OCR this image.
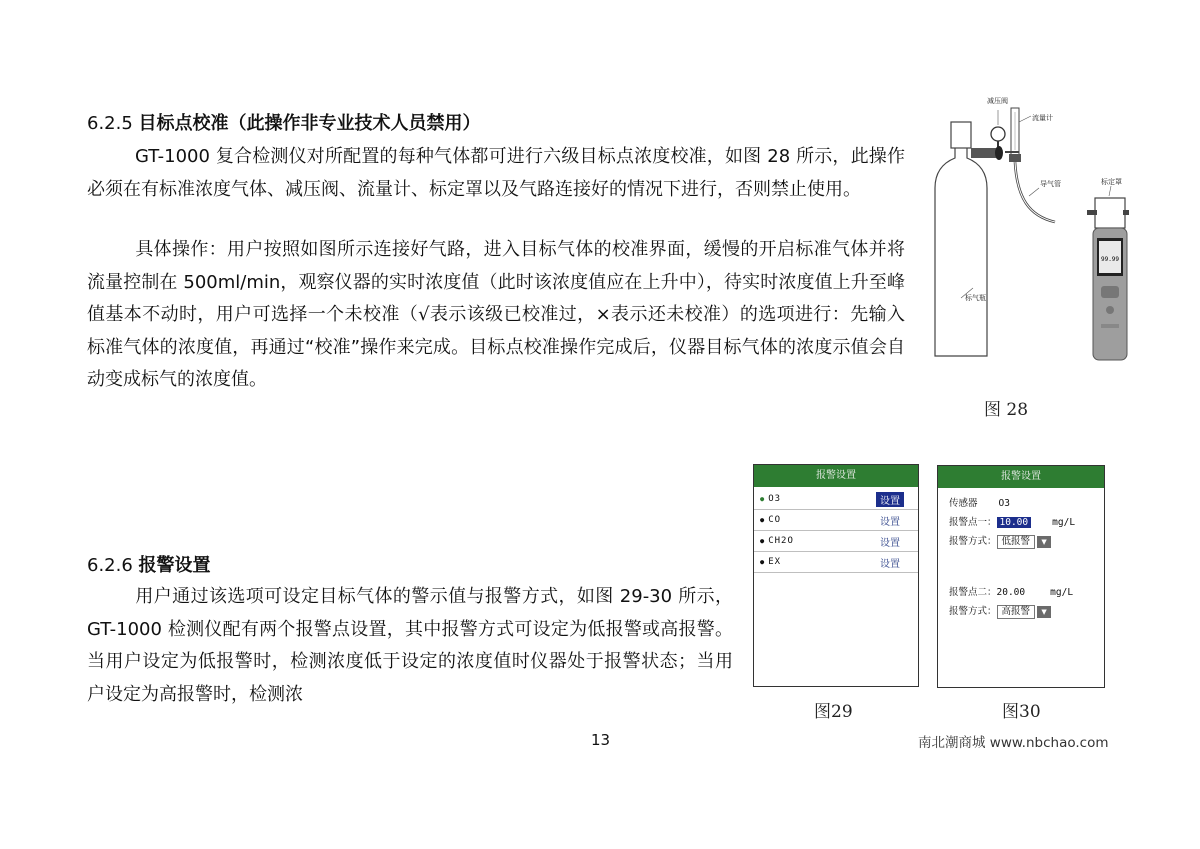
6.2.5 目标点校准（此操作非专业技术人员禁用）

GT-1000 复合检测仪对所配置的每种气体都可进行六级目标点浓度校准，如图 28 所示，此操作必须在有标准浓度气体、减压阀、流量计、标定罩以及气路连接好的情况下进行，否则禁止使用。

具体操作：用户按照如图所示连接好气路，进入目标气体的校准界面，缓慢的开启标准气体并将流量控制在 500ml/min，观察仪器的实时浓度值（此时该浓度值应在上升中），待实时浓度值上升至峰值基本不动时，用户可选择一个未校准（√表示该级已校准过，×表示还未校准）的选项进行：先输入标准气体的浓度值，再通过“校准”操作来完成。目标点校准操作完成后，仪器目标气体的浓度示值会自动变成标气的浓度值。

99.99
减压阀
流量计
导气管	标定罩
标气瓶
图 28
6.2.6 报警设置

用户通过该选项可设定目标气体的警示值与报警方式，如图 29-30 所示，GT-1000 检测仪配有两个报警点设置，其中报警方式可设定为低报警或高报警。当用户设定为低报警时，检测浓度低于设定的浓度值时仪器处于报警状态；当用户设定为高报警时，检测浓

报警设置
● O3	设置
● CO	设置
● CH2O	设置
● EX	设置
图29
报警设置
传感器 O3
报警点一： 10.00	mg/L
报警方式： 低报警 ▼
报警点二：20.00	mg/L
报警方式： 高报警 ▼
图30
13	南北潮商城 www.nbchao.com
